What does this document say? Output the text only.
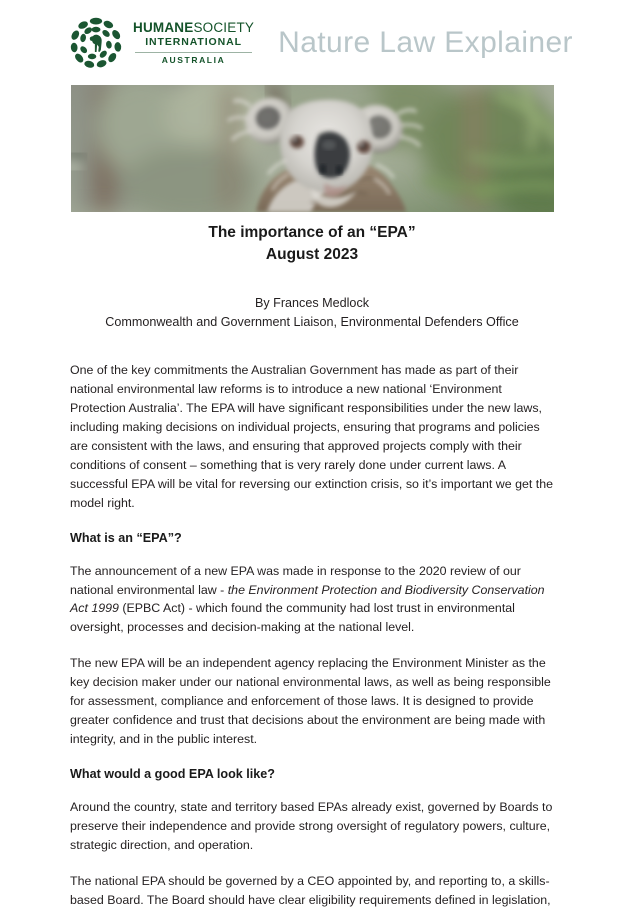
HUMANESOCIETY
INTERNATIONAL
AUSTRALIA
Nature Law Explainer
The importance of an “EPA”
August 2023

By Frances Medlock
Commonwealth and Government Liaison, Environmental Defenders Office

One of the key commitments the Australian Government has made as part of their national environmental law reforms is to introduce a new national ‘Environment Protection Australia’. The EPA will have significant responsibilities under the new laws, including making decisions on individual projects, ensuring that programs and policies are consistent with the laws, and ensuring that approved projects comply with their conditions of consent – something that is very rarely done under current laws. A successful EPA will be vital for reversing our extinction crisis, so it’s important we get the model right.

What is an “EPA”?

The announcement of a new EPA was made in response to the 2020 review of our national environmental law - the Environment Protection and Biodiversity Conservation Act 1999 (EPBC Act) - which found the community had lost trust in environmental oversight, processes and decision-making at the national level.

The new EPA will be an independent agency replacing the Environment Minister as the key decision maker under our national environmental laws, as well as being responsible for assessment, compliance and enforcement of those laws. It is designed to provide greater confidence and trust that decisions about the environment are being made with integrity, and in the public interest.

What would a good EPA look like?

Around the country, state and territory based EPAs already exist, governed by Boards to preserve their independence and provide strong oversight of regulatory powers, culture, strategic direction, and operation.

The national EPA should be governed by a CEO appointed by, and reporting to, a skills-based Board. The Board should have clear eligibility requirements defined in legislation,
